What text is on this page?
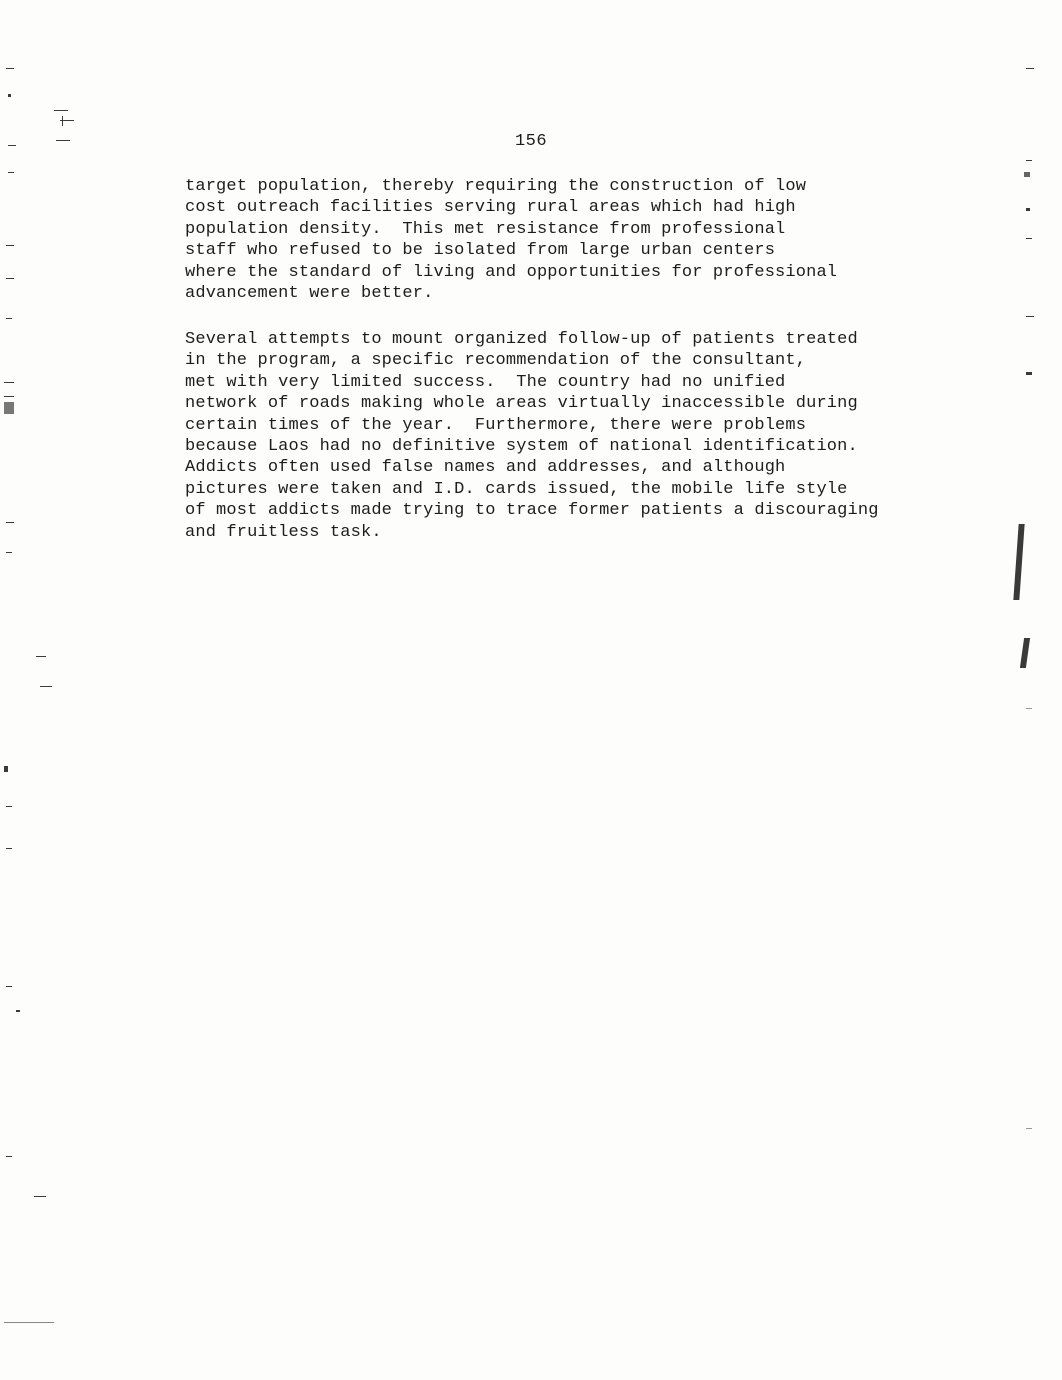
156
target population, thereby requiring the construction of low
cost outreach facilities serving rural areas which had high
population density.  This met resistance from professional
staff who refused to be isolated from large urban centers
where the standard of living and opportunities for professional
advancement were better.
Several attempts to mount organized follow-up of patients treated
in the program, a specific recommendation of the consultant,
met with very limited success.  The country had no unified
network of roads making whole areas virtually inaccessible during
certain times of the year.  Furthermore, there were problems
because Laos had no definitive system of national identification.
Addicts often used false names and addresses, and although
pictures were taken and I.D. cards issued, the mobile life style
of most addicts made trying to trace former patients a discouraging
and fruitless task.
